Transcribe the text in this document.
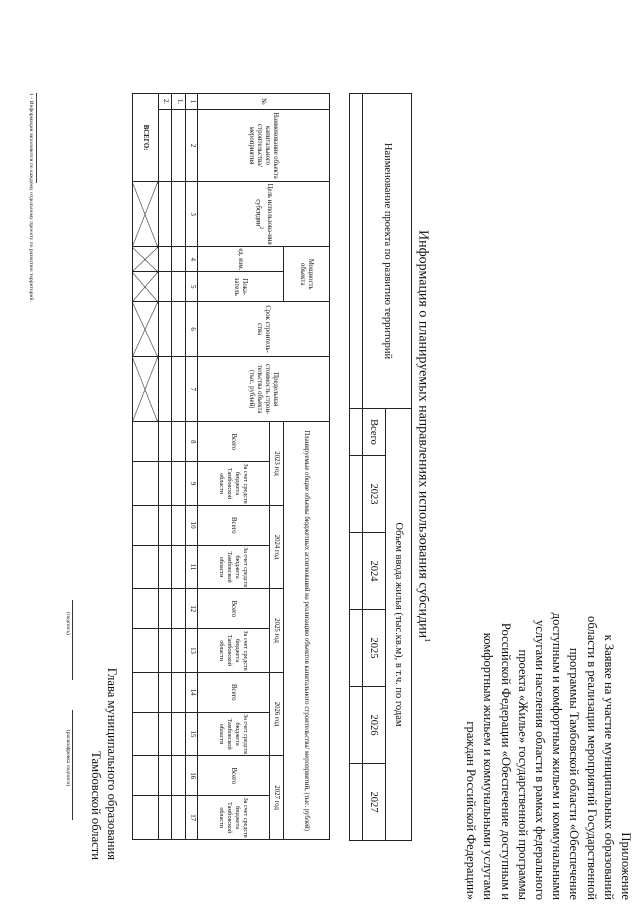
Приложение
к Заявке на участие муниципальных образований
области в реализации мероприятий Государственной
программы Тамбовской области «Обеспечение
доступным и комфортным жильем и коммунальными
услугами населения области в рамках федерального
проекта «Жилье» государственной программы
Российской Федерации «Обеспечение доступным и
комфортным жильем и коммунальными услугами
граждан Российской Федерации»
Информация о планируемых направлениях использования субсидии$^1$
Наименование проекта по развитию территорий	Объем ввода жилья (тыс.кв.м), в т.ч. по годам					
	Всего	2023	2024	2025	2026	2027

№	Наименование объекта капитального строительства/ мероприятия	Цель использова-ния субсидии$^2$	Мощность объекта		Срок строитель-ства	Предельная стоимость строи-тельства объекта (тыс. рублей)	Планируемые общие объемы бюджетных ассигнований на реализацию объектов капитального строительства/ мероприятий, (тыс. рублей)									
			ед. изм.	Пока-затель			2023 год		2024 год		2025 год		2026 год		2027 год	
							Всего	За счет средств бюджета Тамбовской области	Всего	За счет средств бюджета Тамбовской области	Всего	За счет средств бюджета Тамбовской области	Всего	За счет средств бюджета Тамбовской области	Всего	За счет средств бюджета Тамбовской области
1	2	3	4	5	6	7	8	9	10	11	12	13	14	15	16	17
1.																
2.																
ВСЕГО:																
Глава муниципального образования
Тамбовской области
(подпись)
(расшифровка подписи)
1 - Информация заполняется по каждому отдельному проекту по развитию территорий.
